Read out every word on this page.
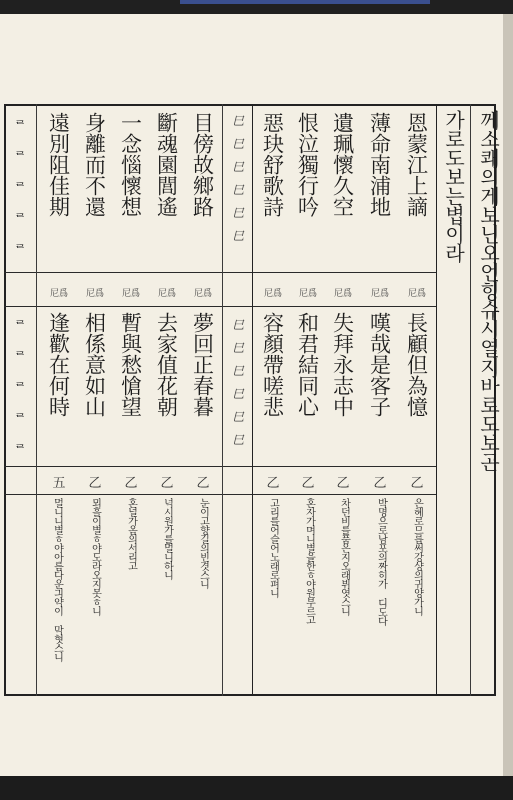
께소쾌의게보닌오언힝슈시열지바로도보곤
가로도보는볍이라
恩蒙江上謫
薄命南浦地
遺珮懷久空
恨泣獨行吟
惡玦舒歌詩
尼爲
尼爲
尼爲
尼爲
尼爲
長顧但為憶
嘆哉是客子
失拜永志中
和君結同心
容顏帶嗟悲
乙
乙
乙
乙
乙
巳
巳
巳
巳
巳
巳
巳
巳
巳
巳
巳
巳
目傍故鄉路
斷魂園閭遙
一念惱懷想
身離而不還
遠別阻佳期
尼爲
尼爲
尼爲
尼爲
尼爲
夢回正春暮
去家值花朝
暫與愁愴望
相係意如山
逢歡在何時
乙
乙
乙
乙
五
ᄅ
ᄅ
ᄅ
ᄅ
ᄅ
ᄅ
ᄅ
ᄅ
ᄅ
ᄅ
은혜로므릅써강샹의귀양가니
박명으로남포의짜히가 디도다
차던비를품은지오래뷔엿스니
혼자가며니별을한ㅎ야원부르고
고리를어슬어노래로펴니
눈이고향길의빈겻스니
넉시원가를멀니하니
혼널가옴의서리고
뫼흘이별ㅎ야도라오지못ㅎ니
멀니니별ㅎ야아름다운긔약이 막혓스니
